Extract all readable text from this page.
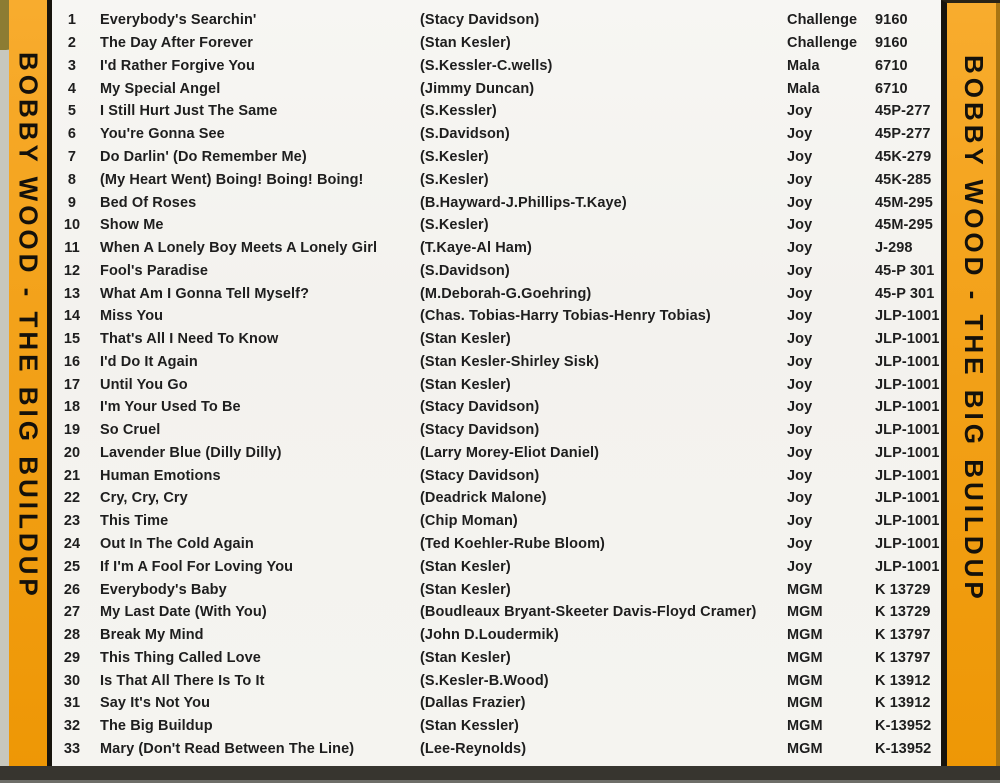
BOBBY WOOD - THE BIG BUILDUP
1	Everybody's Searchin'	(Stacy Davidson)	Challenge	9160
2	The Day After Forever	(Stan Kesler)	Challenge	9160
3	I'd Rather Forgive You	(S.Kessler-C.wells)	Mala	6710
4	My Special Angel	(Jimmy Duncan)	Mala	6710
5	I Still Hurt Just The Same	(S.Kessler)	Joy	45P-277
6	You're Gonna See	(S.Davidson)	Joy	45P-277
7	Do Darlin' (Do Remember Me)	(S.Kesler)	Joy	45K-279
8	(My Heart Went) Boing! Boing! Boing!	(S.Kesler)	Joy	45K-285
9	Bed Of Roses	(B.Hayward-J.Phillips-T.Kaye)	Joy	45M-295
10	Show Me	(S.Kesler)	Joy	45M-295
11	When A Lonely Boy Meets A Lonely Girl	(T.Kaye-Al Ham)	Joy	J-298
12	Fool's Paradise	(S.Davidson)	Joy	45-P 301
13	What Am I Gonna Tell Myself?	(M.Deborah-G.Goehring)	Joy	45-P 301
14	Miss You	(Chas. Tobias-Harry Tobias-Henry Tobias)	Joy	JLP-1001
15	That's All I Need To Know	(Stan Kesler)	Joy	JLP-1001
16	I'd Do It Again	(Stan Kesler-Shirley Sisk)	Joy	JLP-1001
17	Until You Go	(Stan Kesler)	Joy	JLP-1001
18	I'm Your Used To Be	(Stacy Davidson)	Joy	JLP-1001
19	So Cruel	(Stacy Davidson)	Joy	JLP-1001
20	Lavender Blue (Dilly Dilly)	(Larry Morey-Eliot Daniel)	Joy	JLP-1001
21	Human Emotions	(Stacy Davidson)	Joy	JLP-1001
22	Cry, Cry, Cry	(Deadrick Malone)	Joy	JLP-1001
23	This Time	(Chip Moman)	Joy	JLP-1001
24	Out In The Cold Again	(Ted Koehler-Rube Bloom)	Joy	JLP-1001
25	If I'm A Fool For Loving You	(Stan Kesler)	Joy	JLP-1001
26	Everybody's Baby	(Stan Kesler)	MGM	K 13729
27	My Last Date (With You)	(Boudleaux Bryant-Skeeter Davis-Floyd Cramer)	MGM	K 13729
28	Break My Mind	(John D.Loudermik)	MGM	K 13797
29	This Thing Called Love	(Stan Kesler)	MGM	K 13797
30	Is That All There Is To It	(S.Kesler-B.Wood)	MGM	K 13912
31	Say It's Not You	(Dallas Frazier)	MGM	K 13912
32	The Big Buildup	(Stan Kessler)	MGM	K-13952
33	Mary (Don't Read Between The Line)	(Lee-Reynolds)	MGM	K-13952
BOBBY WOOD - THE BIG BUILDUP
